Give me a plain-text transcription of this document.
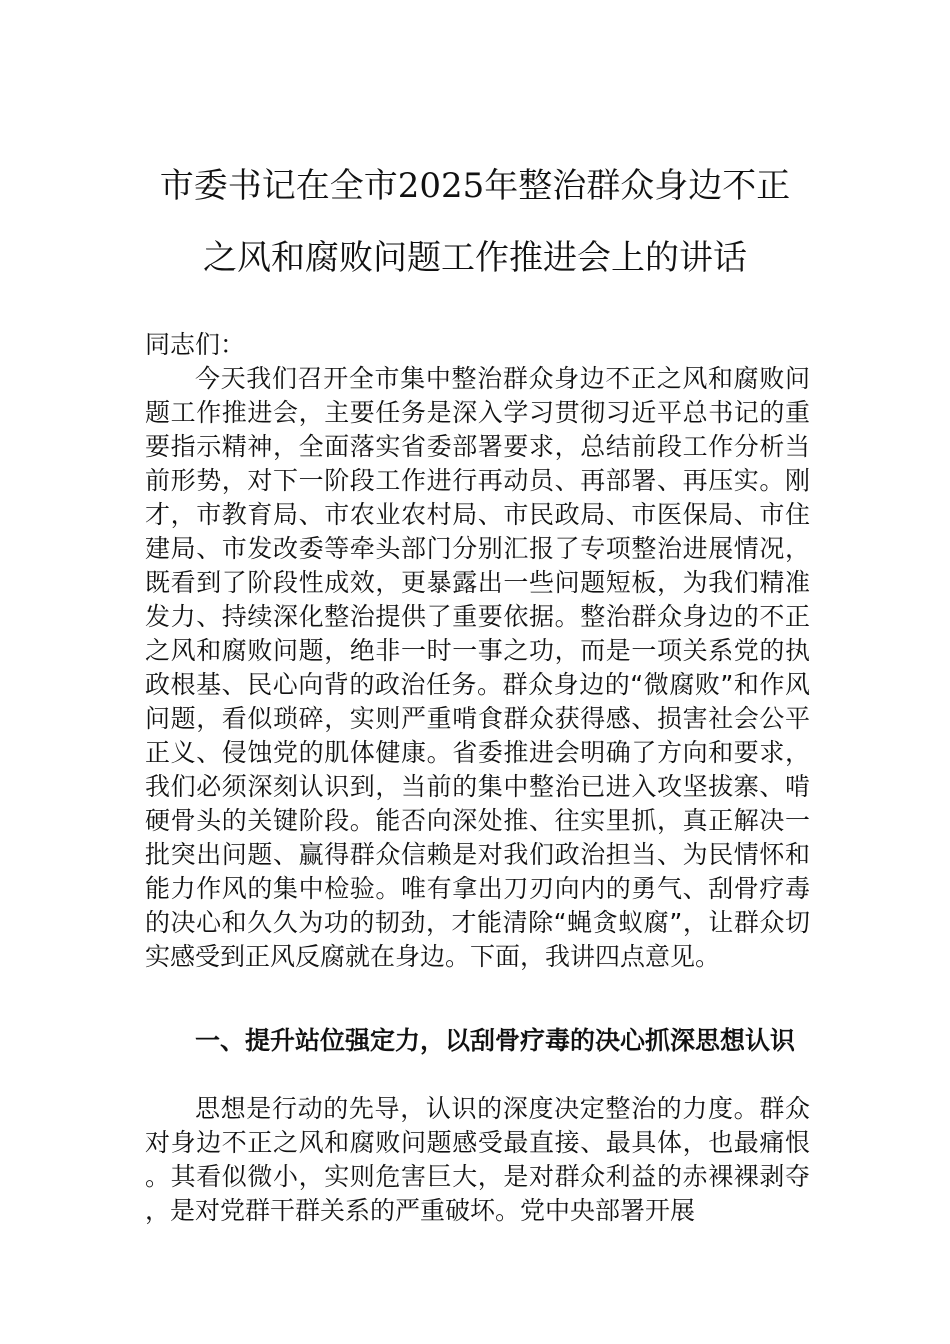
市委书记在全市2025年整治群众身边不正
之风和腐败问题工作推进会上的讲话

同志们：

今天我们召开全市集中整治群众身边不正之风和腐败问题工作推进会，主要任务是深入学习贯彻习近平总书记的重要指示精神，全面落实省委部署要求，总结前段工作分析当前形势，对下一阶段工作进行再动员、再部署、再压实。刚才，市教育局、市农业农村局、市民政局、市医保局、市住建局、市发改委等牵头部门分别汇报了专项整治进展情况，既看到了阶段性成效，更暴露出一些问题短板，为我们精准发力、持续深化整治提供了重要依据。整治群众身边的不正之风和腐败问题，绝非一时一事之功，而是一项关系党的执政根基、民心向背的政治任务。群众身边的“微腐败”和作风问题，看似琐碎，实则严重啃食群众获得感、损害社会公平正义、侵蚀党的肌体健康。省委推进会明确了方向和要求，我们必须深刻认识到，当前的集中整治已进入攻坚拔寨、啃硬骨头的关键阶段。能否向深处推、往实里抓，真正解决一批突出问题、赢得群众信赖是对我们政治担当、为民情怀和能力作风的集中检验。唯有拿出刀刃向内的勇气、刮骨疗毒的决心和久久为功的韧劲，才能清除“蝇贪蚁腐”，让群众切实感受到正风反腐就在身边。下面，我讲四点意见。

一、提升站位强定力，以刮骨疗毒的决心抓深思想认识

思想是行动的先导，认识的深度决定整治的力度。群众对身边不正之风和腐败问题感受最直接、最具体，也最痛恨。其看似微小，实则危害巨大，是对群众利益的赤裸裸剥夺，是对党群干群关系的严重破坏。党中央部署开展
